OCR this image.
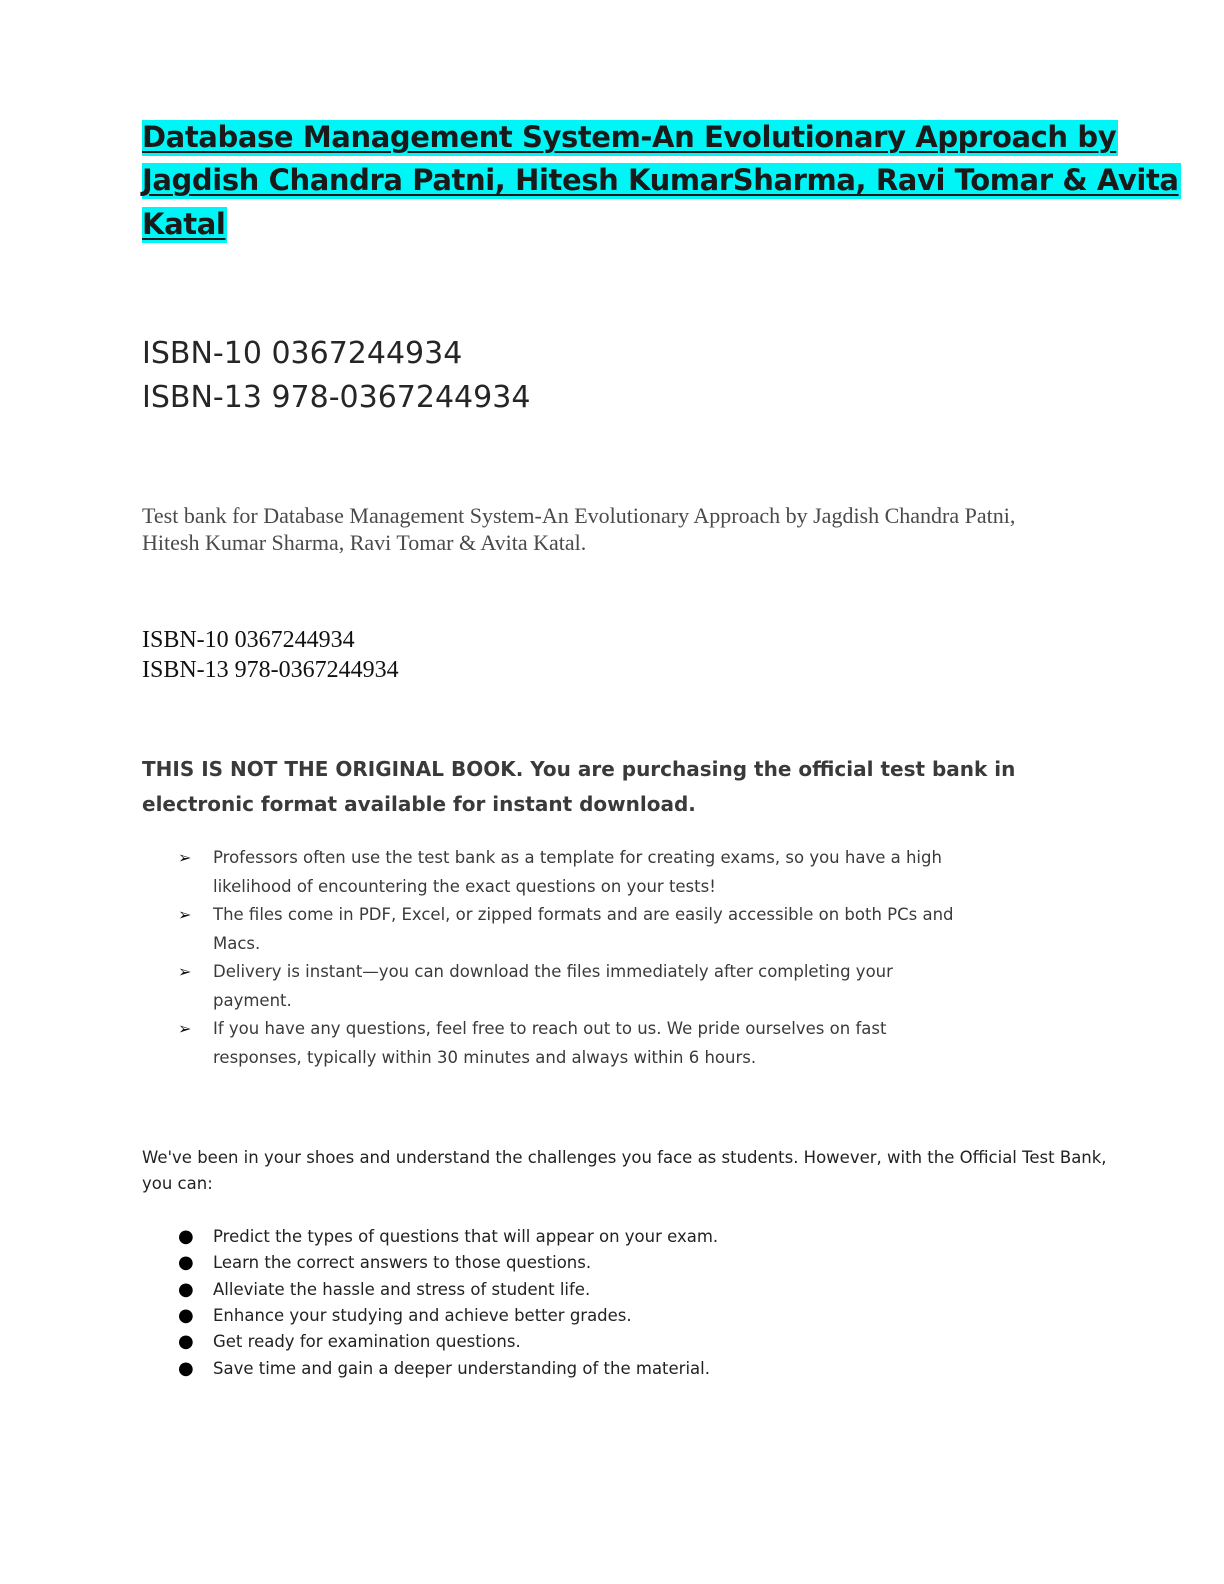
Database Management System-An Evolutionary Approach by
Jagdish Chandra Patni, Hitesh KumarSharma, Ravi Tomar & Avita
Katal
ISBN-10 0367244934
ISBN-13 978-0367244934
Test bank for Database Management System-An Evolutionary Approach by Jagdish Chandra Patni,
Hitesh Kumar Sharma, Ravi Tomar & Avita Katal.
ISBN-10 0367244934
ISBN-13 978-0367244934
THIS IS NOT THE ORIGINAL BOOK. You are purchasing the official test bank in
electronic format available for instant download.
➢ Professors often use the test bank as a template for creating exams, so you have a high
likelihood of encountering the exact questions on your tests!
➢ The files come in PDF, Excel, or zipped formats and are easily accessible on both PCs and
Macs.
➢ Delivery is instant—you can download the files immediately after completing your
payment.
➢ If you have any questions, feel free to reach out to us. We pride ourselves on fast
responses, typically within 30 minutes and always within 6 hours.
We've been in your shoes and understand the challenges you face as students. However, with the Official Test Bank,
you can:
● Predict the types of questions that will appear on your exam.
● Learn the correct answers to those questions.
● Alleviate the hassle and stress of student life.
● Enhance your studying and achieve better grades.
● Get ready for examination questions.
● Save time and gain a deeper understanding of the material.
